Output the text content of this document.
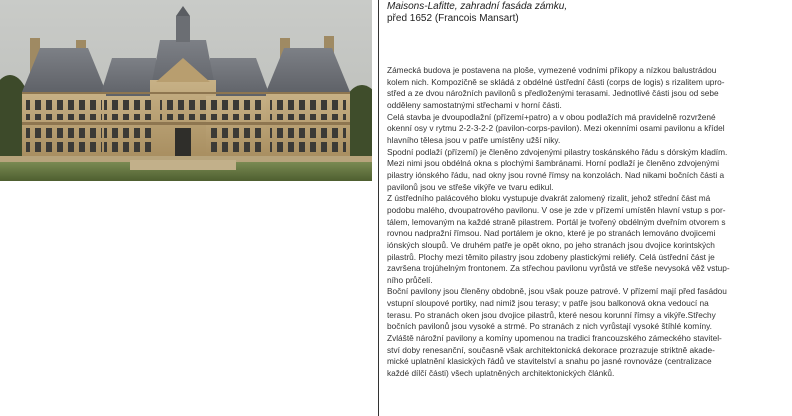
Maisons-Lafitte, zahradní fasáda zámku,
před 1652 (Francois Mansart)

Zámecká budova je postavena na ploše, vymezené vodními příkopy a nízkou balustrádou
kolem nich. Kompozičně se skládá z obdélné ústřední části (corps de logis) s rizalitem upro-
střed a ze dvou nárožních pavilonů s předloženými terasami. Jednotlivé části jsou od sebe
odděleny samostatnými střechami v horní části.
Celá stavba je dvoupodlažní (přízemí+patro) a v obou podlažích má pravidelně rozvržené
okenní osy v rytmu 2-2-3-2-2 (pavilon-corps-pavilon). Mezi okenními osami pavilonu a křídel
hlavního tělesa jsou v patře umístěny užší niky.
Spodní podlaží (přízemí) je členěno zdvojenými pilastry toskánského řádu s dórským kladím.
Mezi nimi jsou obdélná okna s plochými šambránami. Horní podlaží je členěno zdvojenými
pilastry iónského řádu, nad okny jsou rovné římsy na konzolách. Nad nikami bočních části a
pavilonů jsou ve střeše vikýře ve tvaru edikul.
Z ústředního palácového bloku vystupuje dvakrát zalomený rizalit, jehož střední část má
podobu malého, dvoupatrového pavilonu. V ose je zde v přízemí umístěn hlavní vstup s por-
tálem, lemovaným na každé straně pilastrem. Portál je tvořený obdélným dveřním otvorem s
rovnou nadpražní římsou. Nad portálem je okno, které je po stranách lemováno dvojicemi
iónských sloupů. Ve druhém patře je opět okno, po jeho stranách jsou dvojice korintských
pilastrů. Plochy mezi těmito pilastry jsou zdobeny plastickými reliéfy. Celá ústřední část je
završena trojúhelným frontonem. Za střechou pavilonu vyrůstá ve střeše nevysoká věž vstup-
ního průčelí.
Boční pavilony jsou členěny obdobně, jsou však pouze patrové. V přízemí mají před fasádou
vstupní sloupové portiky, nad nimiž jsou terasy; v patře jsou balkonová okna vedoucí na
terasu. Po stranách oken jsou dvojice pilastrů, které nesou korunní římsy a vikýře.Střechy
bočních pavilonů jsou vysoké a strmé. Po stranách z nich vyrůstají vysoké štíhlé komíny.
Zvláště nárožní pavilony a komíny upomenou na tradici francouzského zámeckého stavitel-
ství doby renesanční, současně však architektonická dekorace prozrazuje striktně akade-
mické uplatnění klasických řádů ve stavitelství a snahu po jasné rovnováze (centralizace
každé dílčí části) všech uplatněných architektonických článků.
